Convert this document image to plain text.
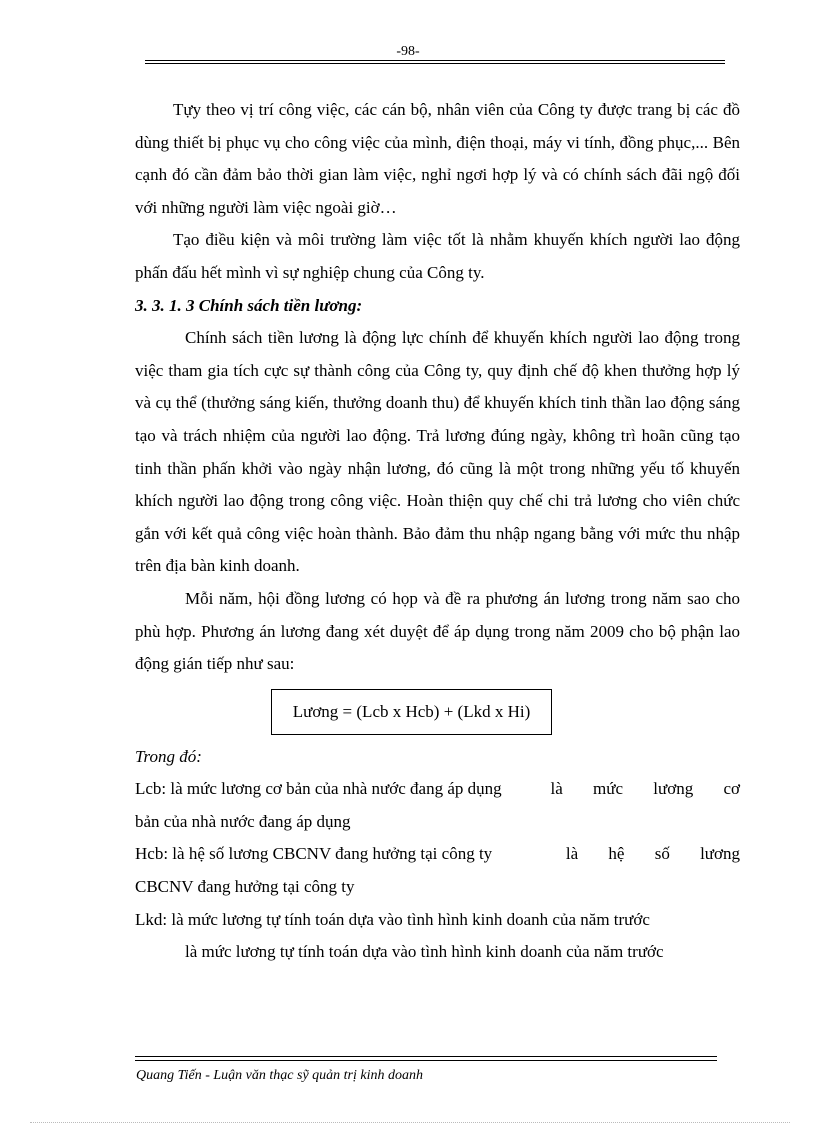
-98-

Tựy theo vị trí công việc, các cán bộ, nhân viên của Công ty được trang bị các đồ dùng thiết bị phục vụ cho công việc của mình, điện thoại, máy vi tính, đồng phục,... Bên cạnh đó cần đảm bảo thời gian làm việc, nghỉ ngơi hợp lý và có chính sách đãi ngộ đối với những người làm việc ngoài giờ…

Tạo điều kiện và môi trường làm việc tốt là nhằm khuyến khích người lao động phấn đấu hết mình vì sự nghiệp chung của Công ty.

3. 3. 1. 3 Chính sách tiền lương:

Chính sách tiền lương là động lực chính để khuyến khích người lao động trong việc tham gia tích cực sự thành công của Công ty, quy định chế độ khen thưởng hợp lý và cụ thể (thưởng sáng kiến, thưởng doanh thu) để khuyến khích tinh thần lao động sáng tạo và trách nhiệm của người lao động. Trả lương đúng ngày, không trì hoãn cũng tạo tinh thần phấn khởi vào ngày nhận lương, đó cũng là một trong những yếu tố khuyến khích người lao động trong công việc. Hoàn thiện quy chế chi trả lương cho viên chức gắn với kết quả công việc hoàn thành. Bảo đảm thu nhập ngang bằng với mức thu nhập trên địa bàn kinh doanh.

Mỗi năm, hội đồng lương có họp và đề ra phương án lương trong năm sao cho phù hợp. Phương án lương đang xét duyệt để áp dụng trong năm 2009 cho bộ phận lao động gián tiếp như sau:

Lương = (Lcb x Hcb) + (Lkd x Hi)

Trong đó:

Lcb: là mức lương cơ bản của nhà nước đang áp dụng	là mức lương cơ

bản của nhà nước đang áp dụng

Hcb: là hệ số lương CBCNV đang hưởng tại công ty	là hệ số lương

CBCNV đang hưởng tại công ty

Lkd: là mức lương tự tính toán dựa vào tình hình kinh doanh của năm trước

là mức lương tự tính toán dựa vào tình hình kinh doanh của năm trước

Quang Tiến - Luận văn thạc sỹ quản trị kinh doanh
